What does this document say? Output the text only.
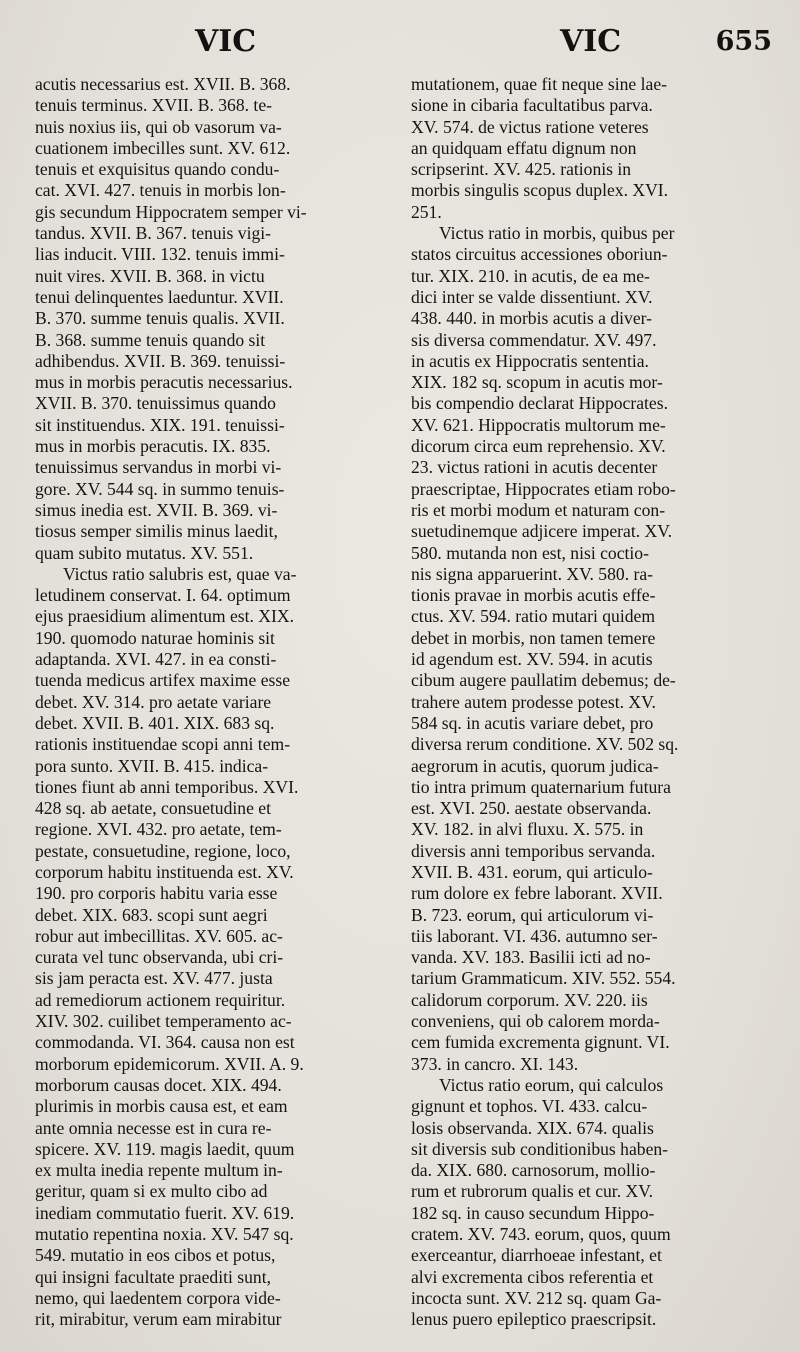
VIC	VIC	655
acutis necessarius est. XVII. B. 368.
tenuis terminus. XVII. B. 368. te-
nuis noxius iis, qui ob vasorum va-
cuationem imbecilles sunt. XV. 612.
tenuis et exquisitus quando condu-
cat. XVI. 427. tenuis in morbis lon-
gis secundum Hippocratem semper vi-
tandus. XVII. B. 367. tenuis vigi-
lias inducit. VIII. 132. tenuis immi-
nuit vires. XVII. B. 368. in victu
tenui delinquentes laeduntur. XVII.
B. 370. summe tenuis qualis. XVII.
B. 368. summe tenuis quando sit
adhibendus. XVII. B. 369. tenuissi-
mus in morbis peracutis necessarius.
XVII. B. 370. tenuissimus quando
sit instituendus. XIX. 191. tenuissi-
mus in morbis peracutis. IX. 835.
tenuissimus servandus in morbi vi-
gore. XV. 544 sq. in summo tenuis-
simus inedia est. XVII. B. 369. vi-
tiosus semper similis minus laedit,
quam subito mutatus. XV. 551.
Victus ratio salubris est, quae va-
letudinem conservat. I. 64. optimum
ejus praesidium alimentum est. XIX.
190. quomodo naturae hominis sit
adaptanda. XVI. 427. in ea consti-
tuenda medicus artifex maxime esse
debet. XV. 314. pro aetate variare
debet. XVII. B. 401. XIX. 683 sq.
rationis instituendae scopi anni tem-
pora sunto. XVII. B. 415. indica-
tiones fiunt ab anni temporibus. XVI.
428 sq. ab aetate, consuetudine et
regione. XVI. 432. pro aetate, tem-
pestate, consuetudine, regione, loco,
corporum habitu instituenda est. XV.
190. pro corporis habitu varia esse
debet. XIX. 683. scopi sunt aegri
robur aut imbecillitas. XV. 605. ac-
curata vel tunc observanda, ubi cri-
sis jam peracta est. XV. 477. justa
ad remediorum actionem requiritur.
XIV. 302. cuilibet temperamento ac-
commodanda. VI. 364. causa non est
morborum epidemicorum. XVII. A. 9.
morborum causas docet. XIX. 494.
plurimis in morbis causa est, et eam
ante omnia necesse est in cura re-
spicere. XV. 119. magis laedit, quum
ex multa inedia repente multum in-
geritur, quam si ex multo cibo ad
inediam commutatio fuerit. XV. 619.
mutatio repentina noxia. XV. 547 sq.
549. mutatio in eos cibos et potus,
qui insigni facultate praediti sunt,
nemo, qui laedentem corpora vide-
rit, mirabitur, verum eam mirabitur
mutationem, quae fit neque sine lae-
sione in cibaria facultatibus parva.
XV. 574. de victus ratione veteres
an quidquam effatu dignum non
scripserint. XV. 425. rationis in
morbis singulis scopus duplex. XVI.
251.
Victus ratio in morbis, quibus per
statos circuitus accessiones oboriun-
tur. XIX. 210. in acutis, de ea me-
dici inter se valde dissentiunt. XV.
438. 440. in morbis acutis a diver-
sis diversa commendatur. XV. 497.
in acutis ex Hippocratis sententia.
XIX. 182 sq. scopum in acutis mor-
bis compendio declarat Hippocrates.
XV. 621. Hippocratis multorum me-
dicorum circa eum reprehensio. XV.
23. victus rationi in acutis decenter
praescriptae, Hippocrates etiam robo-
ris et morbi modum et naturam con-
suetudinemque adjicere imperat. XV.
580. mutanda non est, nisi coctio-
nis signa apparuerint. XV. 580. ra-
tionis pravae in morbis acutis effe-
ctus. XV. 594. ratio mutari quidem
debet in morbis, non tamen temere
id agendum est. XV. 594. in acutis
cibum augere paullatim debemus; de-
trahere autem prodesse potest. XV.
584 sq. in acutis variare debet, pro
diversa rerum conditione. XV. 502 sq.
aegrorum in acutis, quorum judica-
tio intra primum quaternarium futura
est. XVI. 250. aestate observanda.
XV. 182. in alvi fluxu. X. 575. in
diversis anni temporibus servanda.
XVII. B. 431. eorum, qui articulo-
rum dolore ex febre laborant. XVII.
B. 723. eorum, qui articulorum vi-
tiis laborant. VI. 436. autumno ser-
vanda. XV. 183. Basilii icti ad no-
tarium Grammaticum. XIV. 552. 554.
calidorum corporum. XV. 220. iis
conveniens, qui ob calorem morda-
cem fumida excrementa gignunt. VI.
373. in cancro. XI. 143.
Victus ratio eorum, qui calculos
gignunt et tophos. VI. 433. calcu-
losis observanda. XIX. 674. qualis
sit diversis sub conditionibus haben-
da. XIX. 680. carnosorum, mollio-
rum et rubrorum qualis et cur. XV.
182 sq. in causo secundum Hippo-
cratem. XV. 743. eorum, quos, quum
exerceantur, diarrhoeae infestant, et
alvi excrementa cibos referentia et
incocta sunt. XV. 212 sq. quam Ga-
lenus puero epileptico praescripsit.
